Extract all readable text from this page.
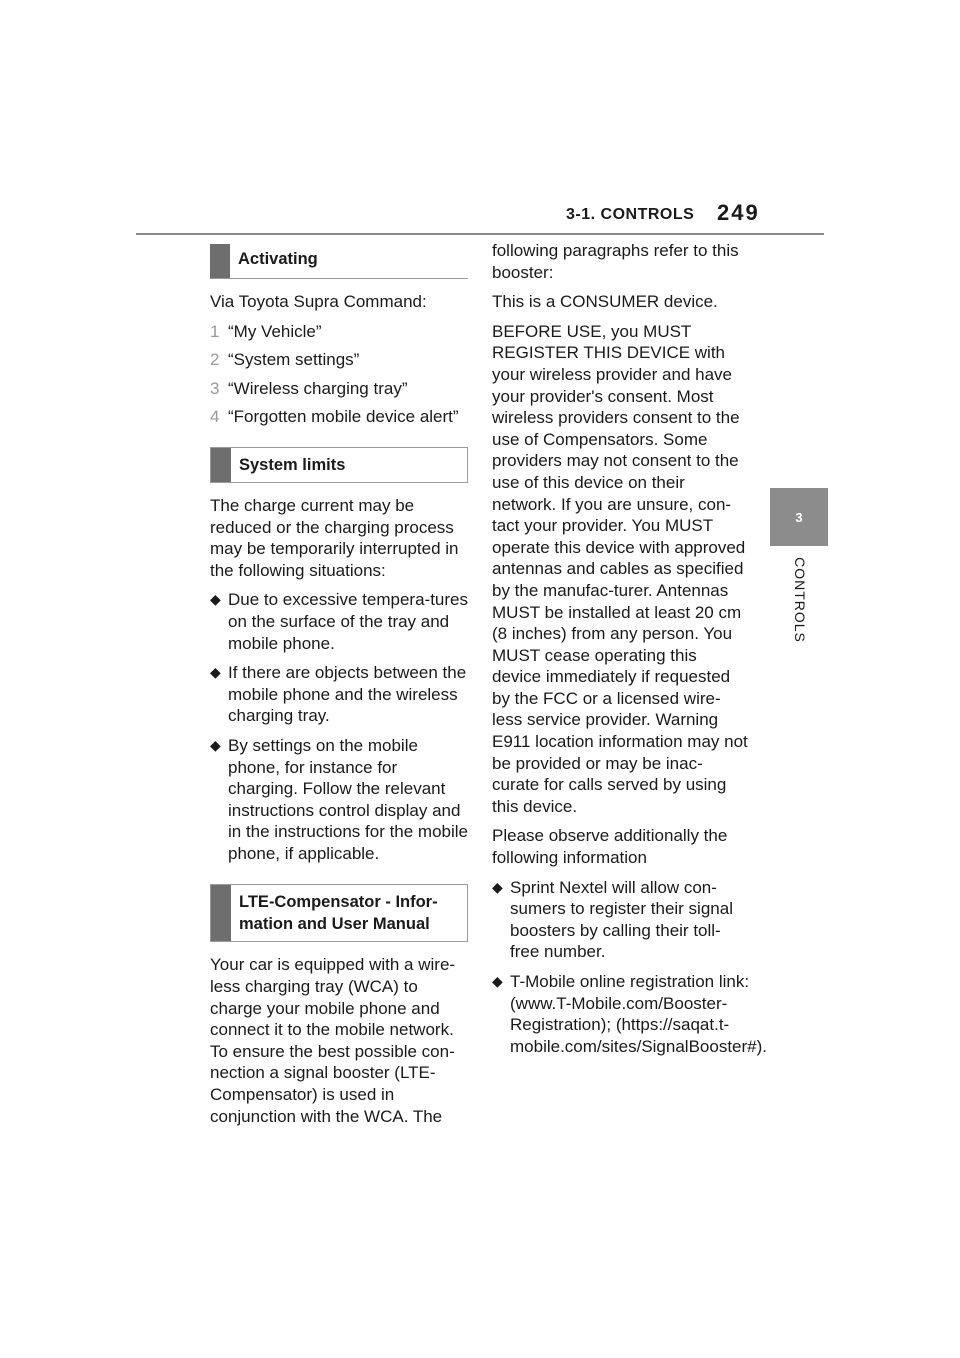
3-1. CONTROLS 249
3
CONTROLS
Activating

Via Toyota Supra Command:

1 “My Vehicle”
2 “System settings”
3 “Wireless charging tray”
4 “Forgotten mobile device alert”
System limits

The charge current may be reduced or the charging process may be temporarily interrupted in the following situations:

◆ Due to excessive tempera-tures on the surface of the tray and mobile phone.
◆ If there are objects between the mobile phone and the wireless charging tray.
◆ By settings on the mobile phone, for instance for charging. Follow the relevant instructions control display and in the instructions for the mobile phone, if applicable.
LTE-Compensator - Infor-mation and User Manual

Your car is equipped with a wire-less charging tray (WCA) to charge your mobile phone and connect it to the mobile network. To ensure the best possible con-nection a signal booster (LTE-Compensator) is used in conjunction with the WCA. The

following paragraphs refer to this booster:

This is a CONSUMER device.

BEFORE USE, you MUST REGISTER THIS DEVICE with your wireless provider and have your provider's consent. Most wireless providers consent to the use of Compensators. Some providers may not consent to the use of this device on their network. If you are unsure, con-tact your provider. You MUST operate this device with approved antennas and cables as specified by the manufac-turer. Antennas MUST be installed at least 20 cm (8 inches) from any person. You MUST cease operating this device immediately if requested by the FCC or a licensed wire-less service provider. Warning E911 location information may not be provided or may be inac-curate for calls served by using this device.

Please observe additionally the following information

◆ Sprint Nextel will allow con-sumers to register their signal boosters by calling their toll-free number.
◆ T-Mobile online registration link: (www.T-Mobile.com/Booster-Registration); (https://saqat.t-mobile.com/sites/SignalBooster#).
